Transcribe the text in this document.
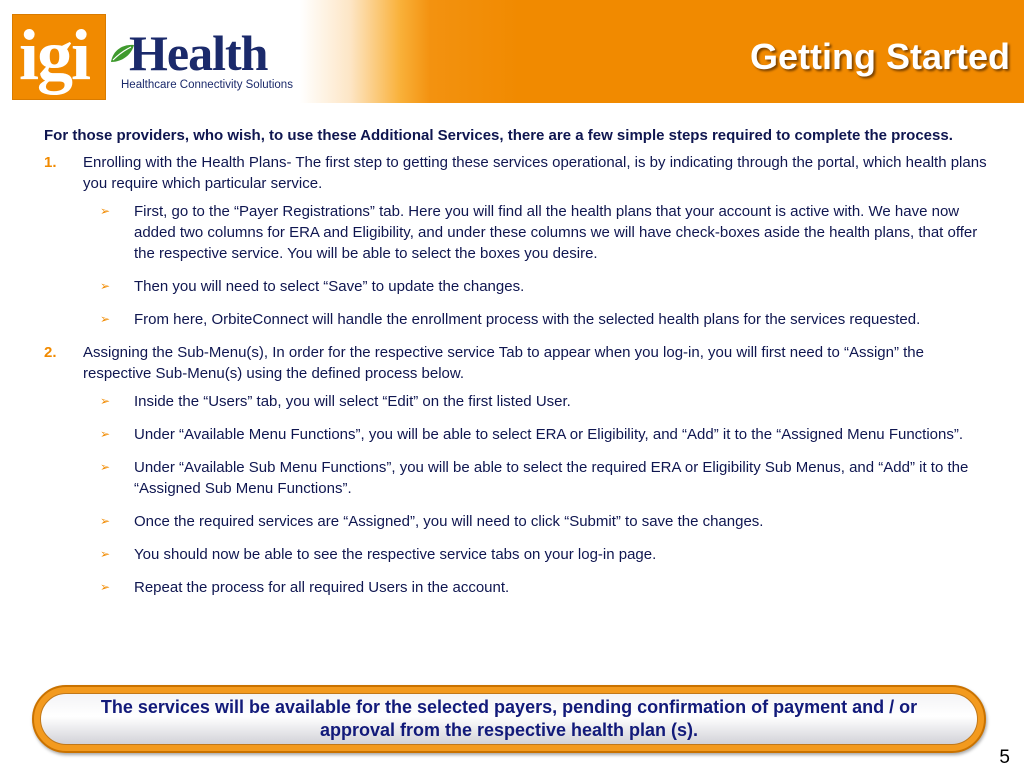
igi Health
Healthcare Connectivity Solutions
Getting Started

For those providers, who wish, to use these Additional Services, there are a few simple steps required to complete the process.

1. Enrolling with the Health Plans- The first step to getting these services operational, is by indicating through the portal, which health plans you require which particular service.
➢ First, go to the “Payer Registrations” tab. Here you will find all the health plans that your account is active with. We have now added two columns for ERA and Eligibility, and under these columns we will have check-boxes aside the health plans, that offer the respective service. You will be able to select the boxes you desire.
➢ Then you will need to select “Save” to update the changes.
➢ From here, OrbiteConnect will handle the enrollment process with the selected health plans for the services requested.
2. Assigning the Sub-Menu(s), In order for the respective service Tab to appear when you log-in, you will first need to “Assign” the respective Sub-Menu(s) using the defined process below.
➢ Inside the “Users” tab, you will select “Edit” on the first listed User.
➢ Under “Available Menu Functions”, you will be able to select ERA or Eligibility, and “Add” it to the “Assigned Menu Functions”.
➢ Under “Available Sub Menu Functions”, you will be able to select the required ERA or Eligibility Sub Menus, and “Add” it to the “Assigned Sub Menu Functions”.
➢ Once the required services are “Assigned”, you will need to click “Submit” to save the changes.
➢ You should now be able to see the respective service tabs on your log-in page.
➢ Repeat the process for all required Users in the account.
The services will be available for the selected payers, pending confirmation of payment and / or approval from the respective health plan (s).
5
